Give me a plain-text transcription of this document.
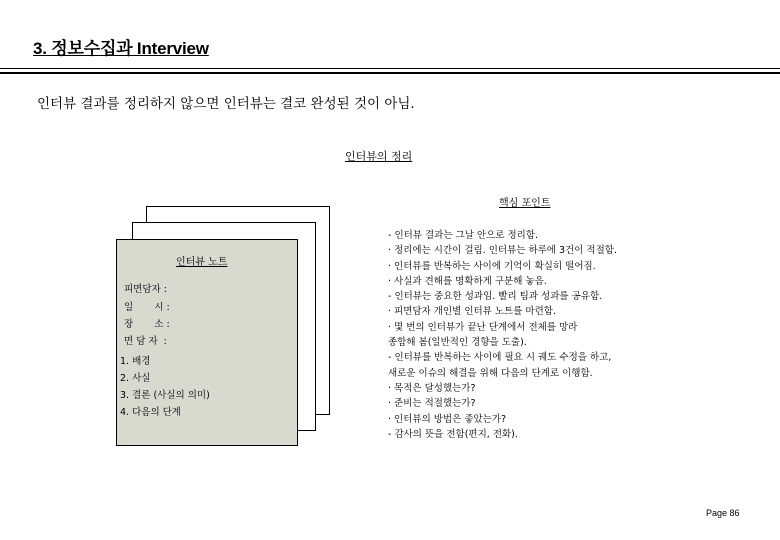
3. 정보수집과 Interview
인터뷰 결과를 정리하지 않으면 인터뷰는 결코 완성된 것이 아님.
인터뷰의 정리
핵심 포인트
인터뷰 노트
피면담자 :
일       시 :
장       소 :
면 담 자  :
1. 배경
2. 사실
3. 결론 (사실의 의미)
4. 다음의 단계
- 인터뷰 결과는 그날 안으로 정리함.
· 정리에는 시간이 걸림. 인터뷰는 하루에 3건이 적절함.
· 인터뷰를 반복하는 사이에 기억이 확실히 떨어짐.
· 사실과 견해를 명확하게 구분해 놓음.
- 인터뷰는 중요한 성과임. 빨리 팀과 성과를 공유함.
· 피면담자 개인별 인터뷰 노트를 마련함.
· 몇 번의 인터뷰가 끝난 단계에서 전체를 망라
종합해 봄(일반적인 경향을 도출).
- 인터뷰를 반복하는 사이에 필요 시 궤도 수정을 하고,
새로운 이슈의 해결을 위해 다음의 단계로 이행함.
· 목적은 달성했는가?
· 준비는 적절했는가?
· 인터뷰의 방법은 좋았는가?
- 감사의 뜻을 전함(편지, 전화).
Page 86
